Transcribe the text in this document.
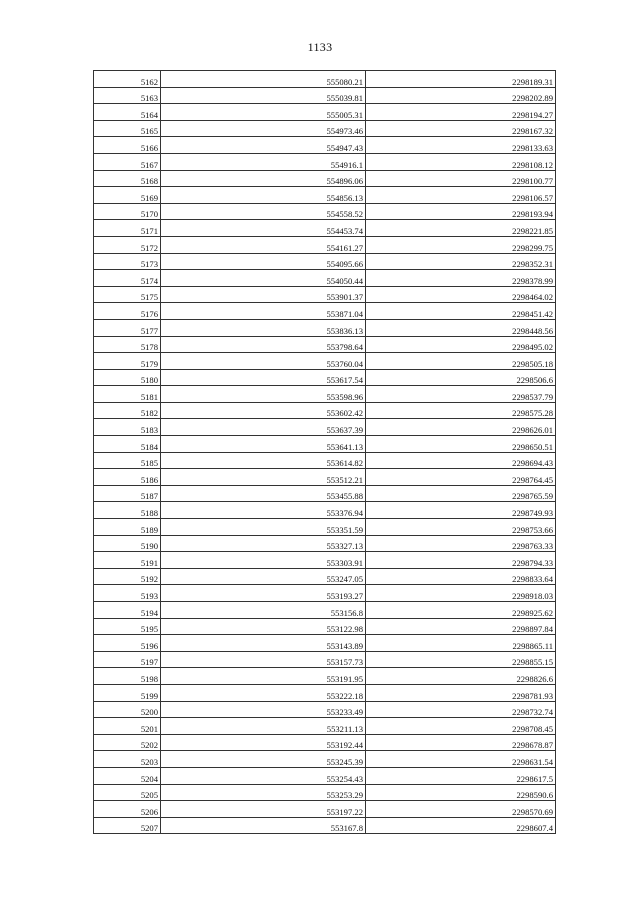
1133
5162	555080.21	2298189.31
5163	555039.81	2298202.89
5164	555005.31	2298194.27
5165	554973.46	2298167.32
5166	554947.43	2298133.63
5167	554916.1	2298108.12
5168	554896.06	2298100.77
5169	554856.13	2298106.57
5170	554558.52	2298193.94
5171	554453.74	2298221.85
5172	554161.27	2298299.75
5173	554095.66	2298352.31
5174	554050.44	2298378.99
5175	553901.37	2298464.02
5176	553871.04	2298451.42
5177	553836.13	2298448.56
5178	553798.64	2298495.02
5179	553760.04	2298505.18
5180	553617.54	2298506.6
5181	553598.96	2298537.79
5182	553602.42	2298575.28
5183	553637.39	2298626.01
5184	553641.13	2298650.51
5185	553614.82	2298694.43
5186	553512.21	2298764.45
5187	553455.88	2298765.59
5188	553376.94	2298749.93
5189	553351.59	2298753.66
5190	553327.13	2298763.33
5191	553303.91	2298794.33
5192	553247.05	2298833.64
5193	553193.27	2298918.03
5194	553156.8	2298925.62
5195	553122.98	2298897.84
5196	553143.89	2298865.11
5197	553157.73	2298855.15
5198	553191.95	2298826.6
5199	553222.18	2298781.93
5200	553233.49	2298732.74
5201	553211.13	2298708.45
5202	553192.44	2298678.87
5203	553245.39	2298631.54
5204	553254.43	2298617.5
5205	553253.29	2298590.6
5206	553197.22	2298570.69
5207	553167.8	2298607.4
